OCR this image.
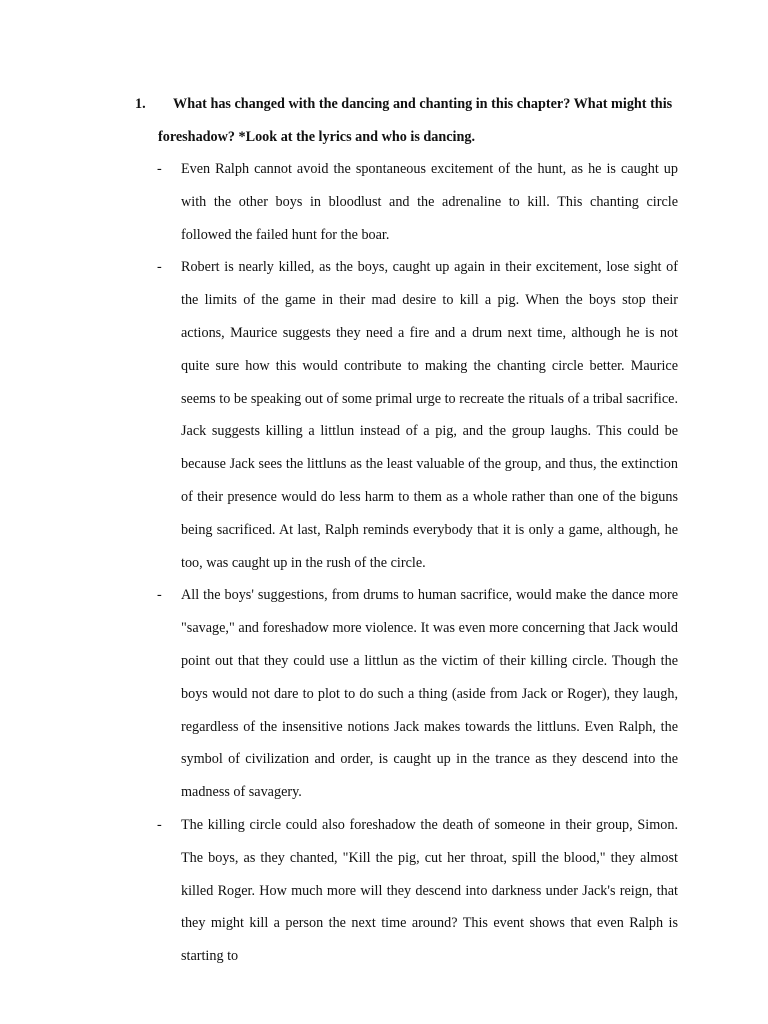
1.	What has changed with the dancing and chanting in this chapter? What might this
foreshadow? *Look at the lyrics and who is dancing.
-	Even Ralph cannot avoid the spontaneous excitement of the hunt, as he is caught up with the other boys in bloodlust and the adrenaline to kill. This chanting circle followed the failed hunt for the boar.
-	Robert is nearly killed, as the boys, caught up again in their excitement, lose sight of the limits of the game in their mad desire to kill a pig. When the boys stop their actions, Maurice suggests they need a fire and a drum next time, although he is not quite sure how this would contribute to making the chanting circle better. Maurice seems to be speaking out of some primal urge to recreate the rituals of a tribal sacrifice. Jack suggests killing a littlun instead of a pig, and the group laughs. This could be because Jack sees the littluns as the least valuable of the group, and thus, the extinction of their presence would do less harm to them as a whole rather than one of the biguns being sacrificed. At last, Ralph reminds everybody that it is only a game, although, he too, was caught up in the rush of the circle.
-	All the boys' suggestions, from drums to human sacrifice, would make the dance more "savage," and foreshadow more violence. It was even more concerning that Jack would point out that they could use a littlun as the victim of their killing circle. Though the boys would not dare to plot to do such a thing (aside from Jack or Roger), they laugh, regardless of the insensitive notions Jack makes towards the littluns. Even Ralph, the symbol of civilization and order, is caught up in the trance as they descend into the madness of savagery.
-	The killing circle could also foreshadow the death of someone in their group, Simon. The boys, as they chanted, "Kill the pig, cut her throat, spill the blood," they almost killed Roger. How much more will they descend into darkness under Jack's reign, that they might kill a person the next time around? This event shows that even Ralph is starting to
